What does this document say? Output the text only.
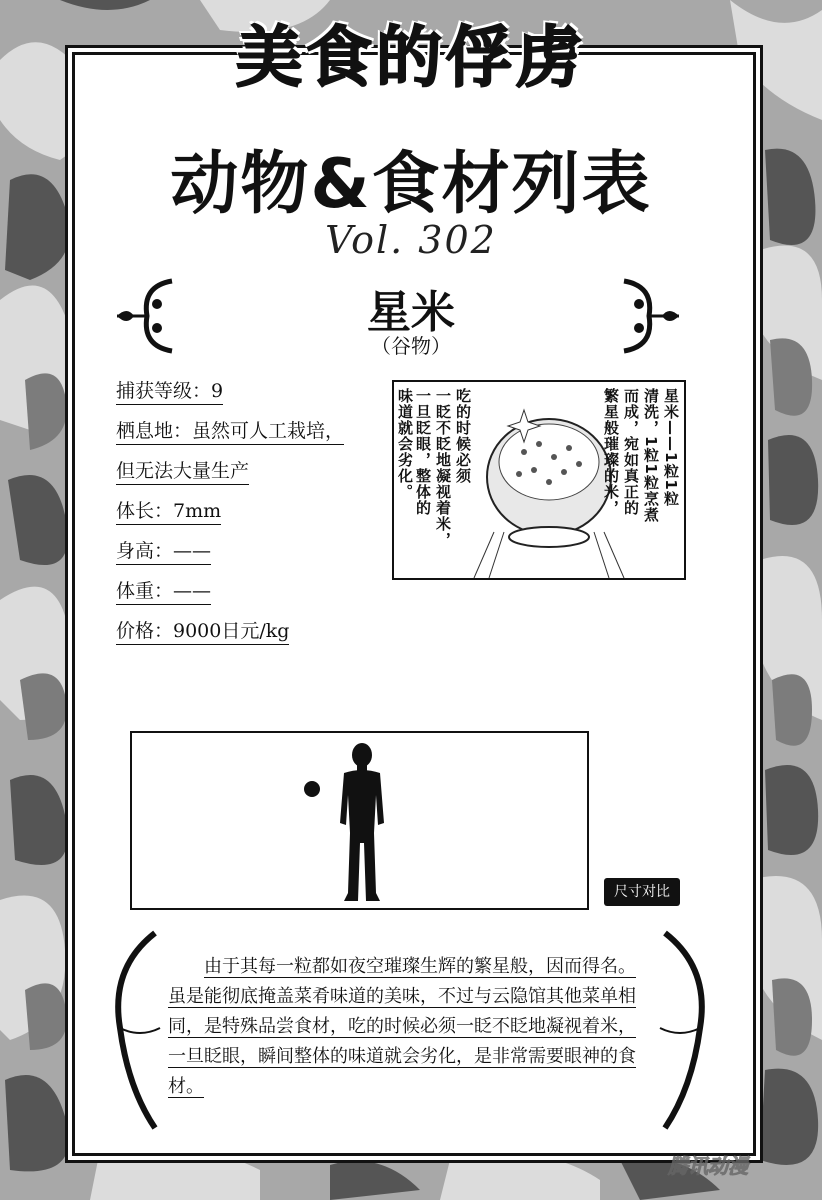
美食的俘虏
动物&食材列表
Vol. 302
星米
（谷物）
捕获等级：9
栖息地：虽然可人工栽培，
但无法大量生产
体长：7mm
身高：——
体重：——
价格：9000日元/kg
星米——1粒1粒
清洗，1粒1粒烹煮
而成，宛如真正的
繁星般璀璨的米，
吃的时候必须
一眨不眨地凝视着米，
一旦眨眼，整体的
味道就会劣化。
尺寸对比

由于其每一粒都如夜空璀璨生辉的繁星般，因而得名。虽是能彻底掩盖菜肴味道的美味，不过与云隐馆其他菜单相同，是特殊品尝食材，吃的时候必须一眨不眨地凝视着米，一旦眨眼，瞬间整体的味道就会劣化，是非常需要眼神的食材。

腾讯动漫
